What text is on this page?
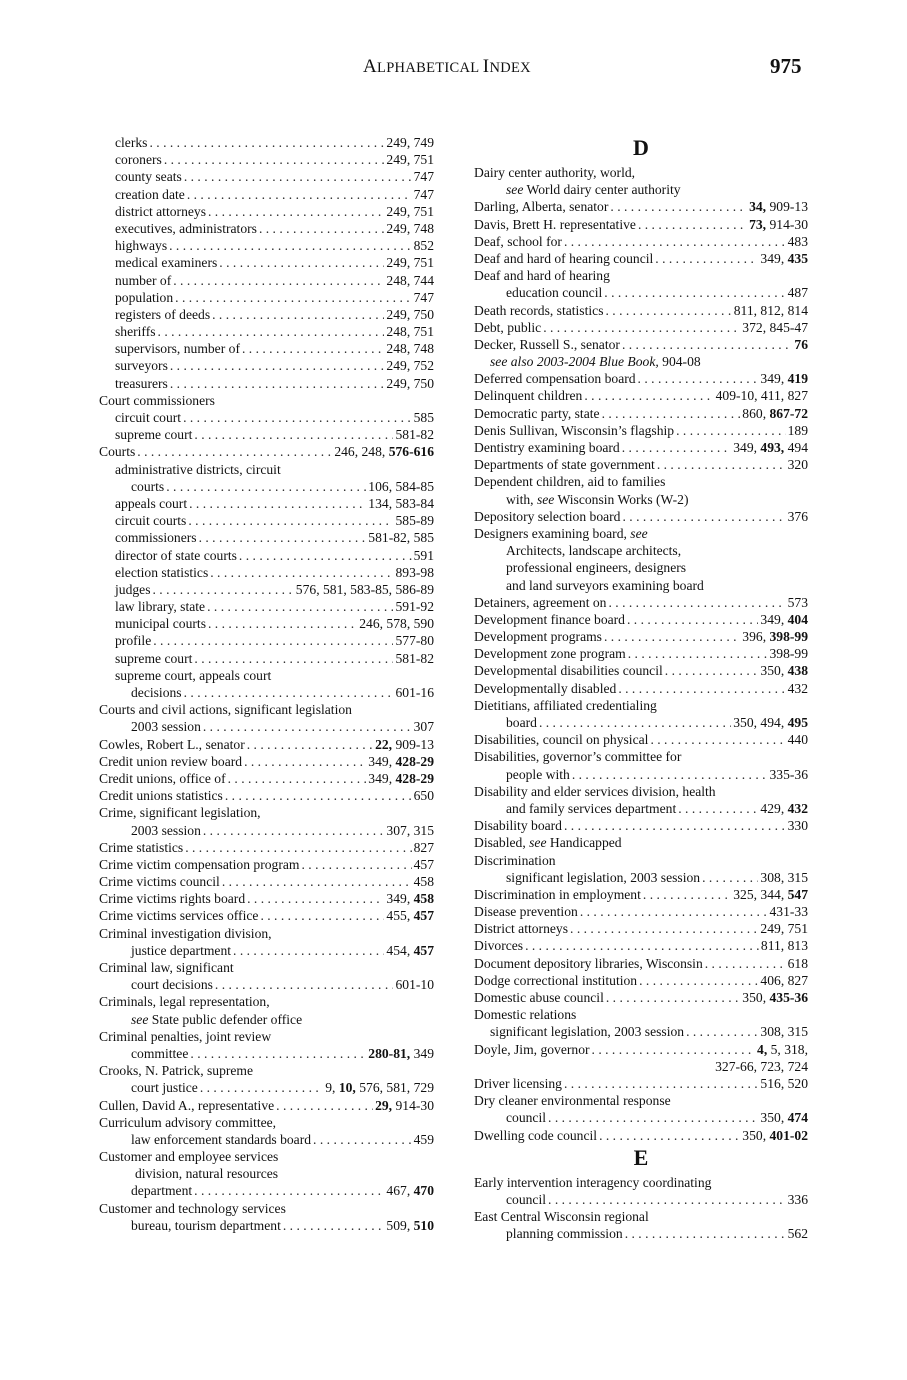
ALPHABETICAL INDEX	975
clerks . . .	249, 749
coroners . . .	249, 751
county seats . . .	747
creation date . . .	747
district attorneys . . .	249, 751
executives, administrators . . .	249, 748
highways . . .	852
medical examiners . . .	249, 751
number of . . .	248, 744
population . . .	747
registers of deeds . . .	249, 750
sheriffs . . .	248, 751
supervisors, number of . . .	248, 748
surveyors . . .	249, 752
treasurers . . .	249, 750
Court commissioners
circuit court . . .	585
supreme court . . .	581-82
Courts . . .	246, 248, 576-616
administrative districts, circuit
courts . . .	106, 584-85
appeals court . . .	134, 583-84
circuit courts . . .	585-89
commissioners . . .	581-82, 585
director of state courts . . .	591
election statistics . . .	893-98
judges . . .	576, 581, 583-85, 586-89
law library, state . . .	591-92
municipal courts . . .	246, 578, 590
profile . . .	577-80
supreme court . . .	581-82
supreme court, appeals court
decisions . . .	601-16
Courts and civil actions, significant legislation
2003 session . . .	307
Cowles, Robert L., senator . . .	22, 909-13
Credit union review board . . .	349, 428-29
Credit unions, office of . . .	349, 428-29
Credit unions statistics . . .	650
Crime, significant legislation,
2003 session . . .	307, 315
Crime statistics . . .	827
Crime victim compensation program . . .	457
Crime victims council . . .	458
Crime victims rights board . . .	349, 458
Crime victims services office . . .	455, 457
Criminal investigation division,
justice department . . .	454, 457
Criminal law, significant
court decisions . . .	601-10
Criminals, legal representation,
see State public defender office
Criminal penalties, joint review
committee . . .	280-81, 349
Crooks, N. Patrick, supreme
court justice . . .	9, 10, 576, 581, 729
Cullen, David A., representative . . .	29, 914-30
Curriculum advisory committee,
law enforcement standards board . . .	459
Customer and employee services
division, natural resources
department . . .	467, 470
Customer and technology services
bureau, tourism department . . .	509, 510
D
Dairy center authority, world,
see World dairy center authority
Darling, Alberta, senator . . .	34, 909-13
Davis, Brett H. representative . . .	73, 914-30
Deaf, school for . . .	483
Deaf and hard of hearing council . . .	349, 435
Deaf and hard of hearing
education council . . .	487
Death records, statistics . . .	811, 812, 814
Debt, public . . .	372, 845-47
Decker, Russell S., senator . . .	76
see also 2003-2004 Blue Book, 904-08
Deferred compensation board . . .	349, 419
Delinquent children . . .	409-10, 411, 827
Democratic party, state . . .	860, 867-72
Denis Sullivan, Wisconsin’s flagship . . .	189
Dentistry examining board . . .	349, 493, 494
Departments of state government . . .	320
Dependent children, aid to families
with, see Wisconsin Works (W-2)
Depository selection board . . .	376
Designers examining board, see
Architects, landscape architects,
professional engineers, designers
and land surveyors examining board
Detainers, agreement on . . .	573
Development finance board . . .	349, 404
Development programs . . .	396, 398-99
Development zone program . . .	398-99
Developmental disabilities council . . .	350, 438
Developmentally disabled . . .	432
Dietitians, affiliated credentialing
board . . .	350, 494, 495
Disabilities, council on physical . . .	440
Disabilities, governor’s committee for
people with . . .	335-36
Disability and elder services division, health
and family services department . . .	429, 432
Disability board . . .	330
Disabled, see Handicapped
Discrimination
significant legislation, 2003 session . . .	308, 315
Discrimination in employment . . .	325, 344, 547
Disease prevention . . .	431-33
District attorneys . . .	249, 751
Divorces . . .	811, 813
Document depository libraries, Wisconsin . . .	618
Dodge correctional institution . . .	406, 827
Domestic abuse council . . .	350, 435-36
Domestic relations
significant legislation, 2003 session . . .	308, 315
Doyle, Jim, governor . . .	4, 5, 318,
327-66, 723, 724
Driver licensing . . .	516, 520
Dry cleaner environmental response
council . . .	350, 474
Dwelling code council . . .	350, 401-02
E
Early intervention interagency coordinating
council . . .	336
East Central Wisconsin regional
planning commission . . .	562
